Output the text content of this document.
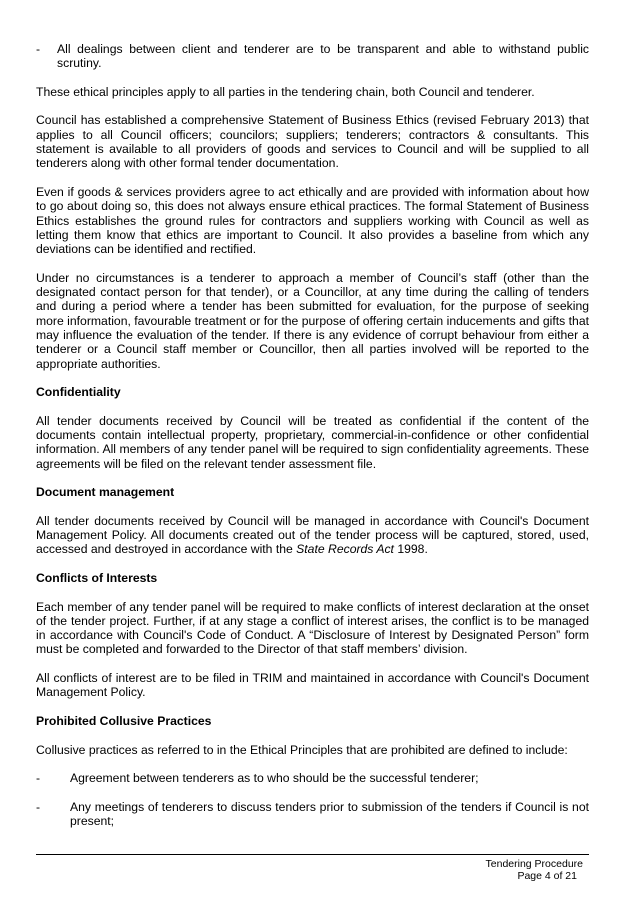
-	All dealings between client and tenderer are to be transparent and able to withstand public scrutiny.

These ethical principles apply to all parties in the tendering chain, both Council and tenderer.

Council has established a comprehensive Statement of Business Ethics (revised February 2013) that applies to all Council officers; councilors; suppliers; tenderers; contractors & consultants. This statement is available to all providers of goods and services to Council and will be supplied to all tenderers along with other formal tender documentation.

Even if goods & services providers agree to act ethically and are provided with information about how to go about doing so, this does not always ensure ethical practices. The formal Statement of Business Ethics establishes the ground rules for contractors and suppliers working with Council as well as letting them know that ethics are important to Council. It also provides a baseline from which any deviations can be identified and rectified.

Under no circumstances is a tenderer to approach a member of Council’s staff (other than the designated contact person for that tender), or a Councillor, at any time during the calling of tenders and during a period where a tender has been submitted for evaluation, for the purpose of seeking more information, favourable treatment or for the purpose of offering certain inducements and gifts that may influence the evaluation of the tender. If there is any evidence of corrupt behaviour from either a tenderer or a Council staff member or Councillor, then all parties involved will be reported to the appropriate authorities.

Confidentiality

All tender documents received by Council will be treated as confidential if the content of the documents contain intellectual property, proprietary, commercial-in-confidence or other confidential information. All members of any tender panel will be required to sign confidentiality agreements. These agreements will be filed on the relevant tender assessment file.

Document management

All tender documents received by Council will be managed in accordance with Council's Document Management Policy. All documents created out of the tender process will be captured, stored, used, accessed and destroyed in accordance with the State Records Act 1998.

Conflicts of Interests

Each member of any tender panel will be required to make conflicts of interest declaration at the onset of the tender project. Further, if at any stage a conflict of interest arises, the conflict is to be managed in accordance with Council's Code of Conduct. A “Disclosure of Interest by Designated Person” form must be completed and forwarded to the Director of that staff members’ division.

All conflicts of interest are to be filed in TRIM and maintained in accordance with Council's Document Management Policy.

Prohibited Collusive Practices

Collusive practices as referred to in the Ethical Principles that are prohibited are defined to include:

-	Agreement between tenderers as to who should be the successful tenderer;

-	Any meetings of tenderers to discuss tenders prior to submission of the tenders if Council is not present;

Tendering Procedure
Page 4 of 21
